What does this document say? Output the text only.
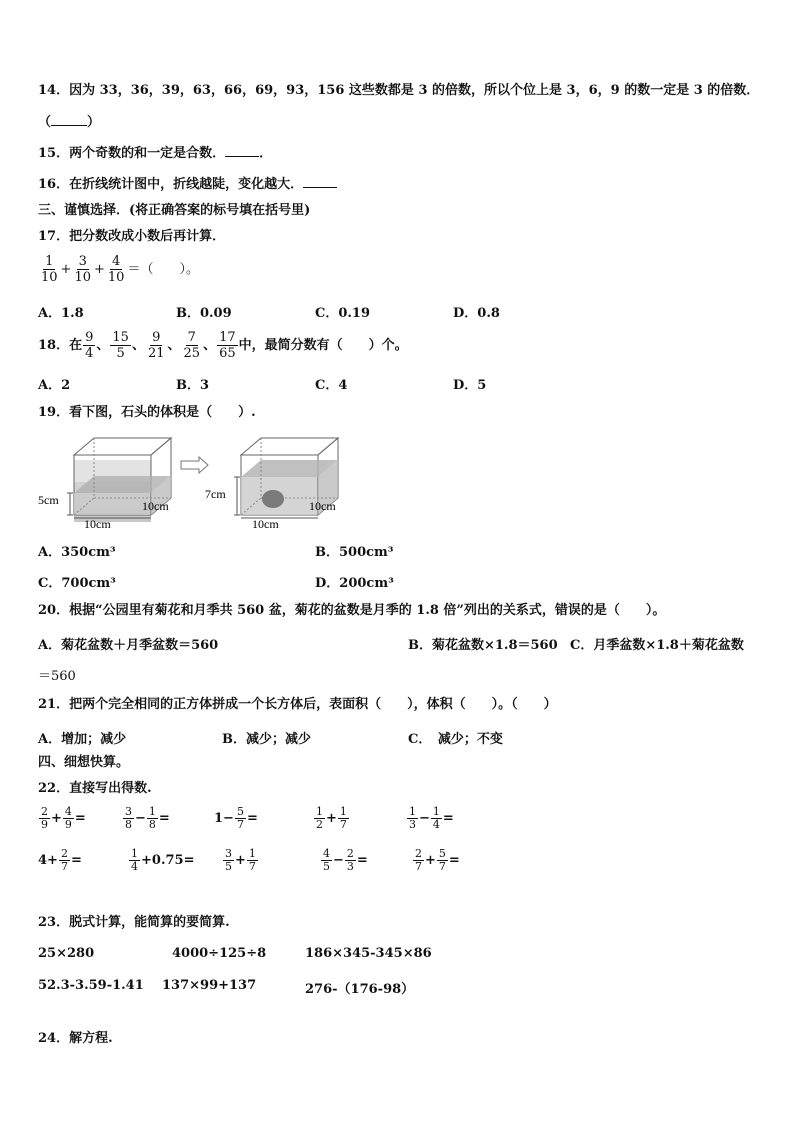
14．因为 33，36，39，63，66，69，93，156 这些数都是 3 的倍数，所以个位上是 3，6，9 的数一定是 3 的倍数．
（	）
15．两个奇数的和一定是合数．	．
16．在折线统计图中，折线越陡，变化越大．
三、谨慎选择．(将正确答案的标号填在括号里)
17．把分数改成小数后再计算．
$\frac{1}{10} + \frac{3}{10} + \frac{4}{10}$ ＝（　　）。
A．1.8	B．0.09	C．0.19	D．0.8
18．在 $\frac{9}{4}$ 、 $\frac{15}{5}$ 、 $\frac{9}{21}$ 、 $\frac{7}{25}$ 、 $\frac{17}{65}$ 中，最简分数有（　　）个。
A．2	B．3	C．4	D．5
19．看下图，石头的体积是（　　）.
5cm
10cm
10cm
7cm
10cm
10cm
A．350cm³	B．500cm³
C．700cm³	D．200cm³
20．根据“公园里有菊花和月季共 560 盆，菊花的盆数是月季的 1.8 倍”列出的关系式，错误的是（　　）。
A．菊花盆数＋月季盆数＝560	B．菊花盆数×1.8＝560 C．月季盆数×1.8＋菊花盆数
＝560
21．把两个完全相同的正方体拼成一个长方体后，表面积（　　），体积（　　）。（　　）
A．增加；减少	B．减少；减少	C．　减少；不变
四、细想快算。
22．直接写出得数.
$\frac{2}{9} + \frac{4}{9}$ =	$\frac{3}{8} - \frac{1}{8}$ =	$1 - \frac{5}{7}$ =	$\frac{1}{2} + \frac{1}{7}$	$\frac{1}{3} - \frac{1}{4}$ =
$4 + \frac{2}{7}$ =	$\frac{1}{4} +0.75$ =	$\frac{3}{5} + \frac{1}{7}$	$\frac{4}{5} - \frac{2}{3}$ =	$\frac{2}{7} + \frac{5}{7}$ =
23．脱式计算，能简算的要简算.
25×280	4000÷125÷8	186×345-345×86
52.3-3.59-1.41 137×99+137	276-（176-98）
24．解方程.
